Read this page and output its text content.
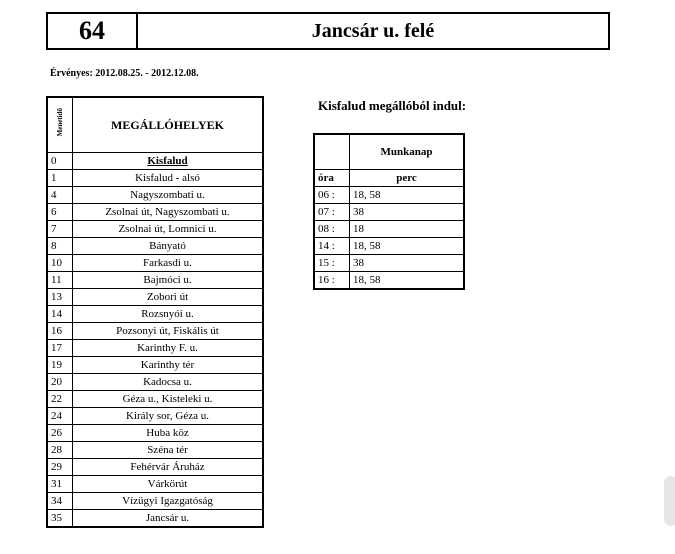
64	Jancsár u. felé
Érvényes: 2012.08.25. - 2012.12.08.
Menetidő	MEGÁLLÓHELYEK
0	Kisfalud
1	Kisfalud - alsó
4	Nagyszombati u.
6	Zsolnai út, Nagyszombati u.
7	Zsolnai út, Lomnici u.
8	Bányató
10	Farkasdi u.
11	Bajmóci u.
13	Zobori út
14	Rozsnyói u.
16	Pozsonyi út, Fiskális út
17	Karinthy F. u.
19	Karinthy tér
20	Kadocsa u.
22	Géza u., Kisteleki u.
24	Király sor, Géza u.
26	Huba köz
28	Széna tér
29	Fehérvár Áruház
31	Várkörút
34	Vízügyi Igazgatóság
35	Jancsár u.
Kisfalud megállóból indul:
	Munkanap
óra	perc
06 :	18, 58
07 :	38
08 :	18
14 :	18, 58
15 :	38
16 :	18, 58
